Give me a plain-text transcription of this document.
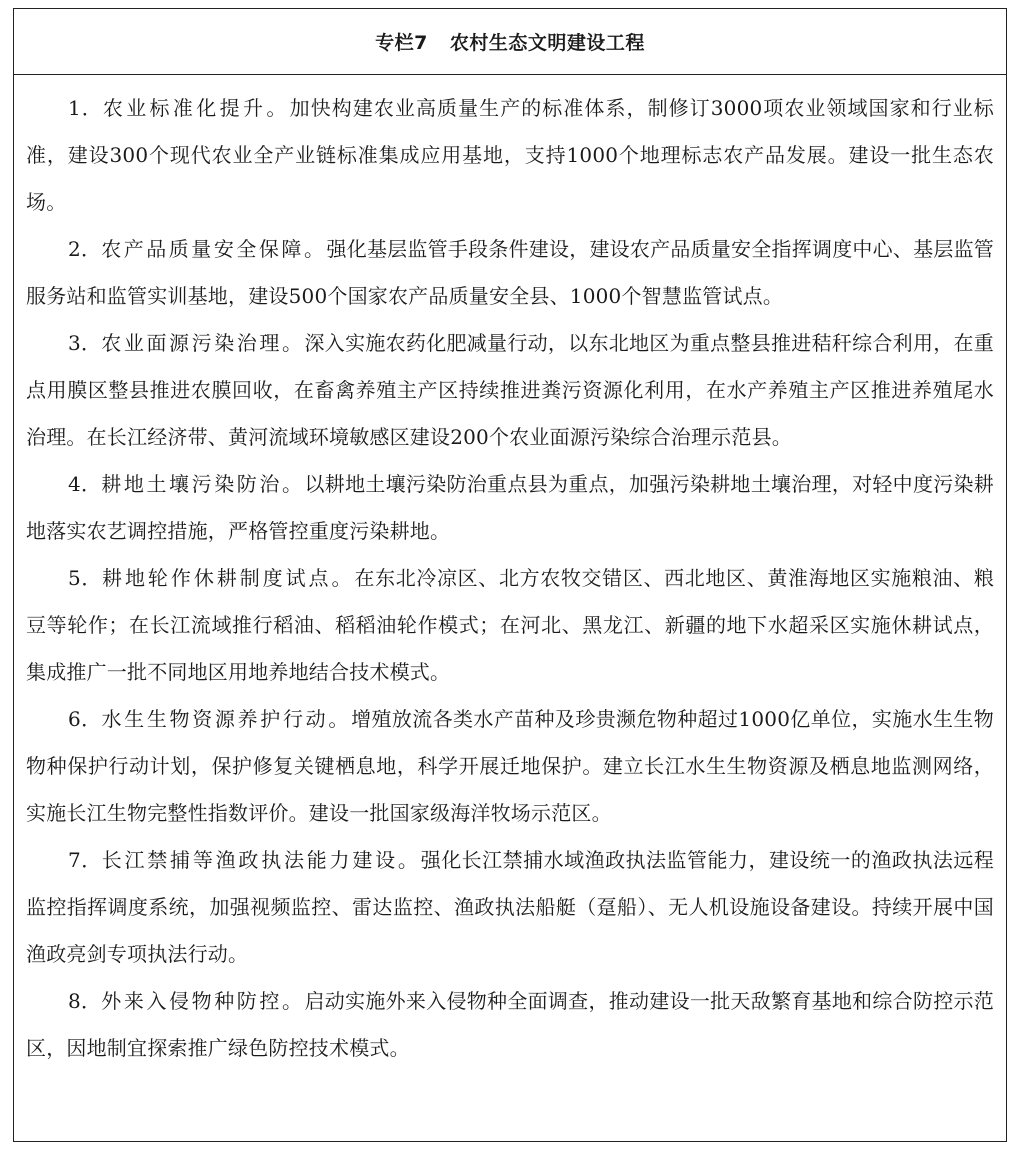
专栏7 农村生态文明建设工程

1．农业标准化提升。加快构建农业高质量生产的标准体系，制修订3000项农业领域国家和行业标准，建设300个现代农业全产业链标准集成应用基地，支持1000个地理标志农产品发展。建设一批生态农场。

2．农产品质量安全保障。强化基层监管手段条件建设，建设农产品质量安全指挥调度中心、基层监管服务站和监管实训基地，建设500个国家农产品质量安全县、1000个智慧监管试点。

3．农业面源污染治理。深入实施农药化肥减量行动，以东北地区为重点整县推进秸秆综合利用，在重点用膜区整县推进农膜回收，在畜禽养殖主产区持续推进粪污资源化利用，在水产养殖主产区推进养殖尾水治理。在长江经济带、黄河流域环境敏感区建设200个农业面源污染综合治理示范县。

4．耕地土壤污染防治。以耕地土壤污染防治重点县为重点，加强污染耕地土壤治理，对轻中度污染耕地落实农艺调控措施，严格管控重度污染耕地。

5．耕地轮作休耕制度试点。在东北冷凉区、北方农牧交错区、西北地区、黄淮海地区实施粮油、粮豆等轮作；在长江流域推行稻油、稻稻油轮作模式；在河北、黑龙江、新疆的地下水超采区实施休耕试点，集成推广一批不同地区用地养地结合技术模式。

6．水生生物资源养护行动。增殖放流各类水产苗种及珍贵濒危物种超过1000亿单位，实施水生生物物种保护行动计划，保护修复关键栖息地，科学开展迁地保护。建立长江水生生物资源及栖息地监测网络，实施长江生物完整性指数评价。建设一批国家级海洋牧场示范区。

7．长江禁捕等渔政执法能力建设。强化长江禁捕水域渔政执法监管能力，建设统一的渔政执法远程监控指挥调度系统，加强视频监控、雷达监控、渔政执法船艇（趸船）、无人机设施设备建设。持续开展中国渔政亮剑专项执法行动。

8．外来入侵物种防控。启动实施外来入侵物种全面调查，推动建设一批天敌繁育基地和综合防控示范区，因地制宜探索推广绿色防控技术模式。
